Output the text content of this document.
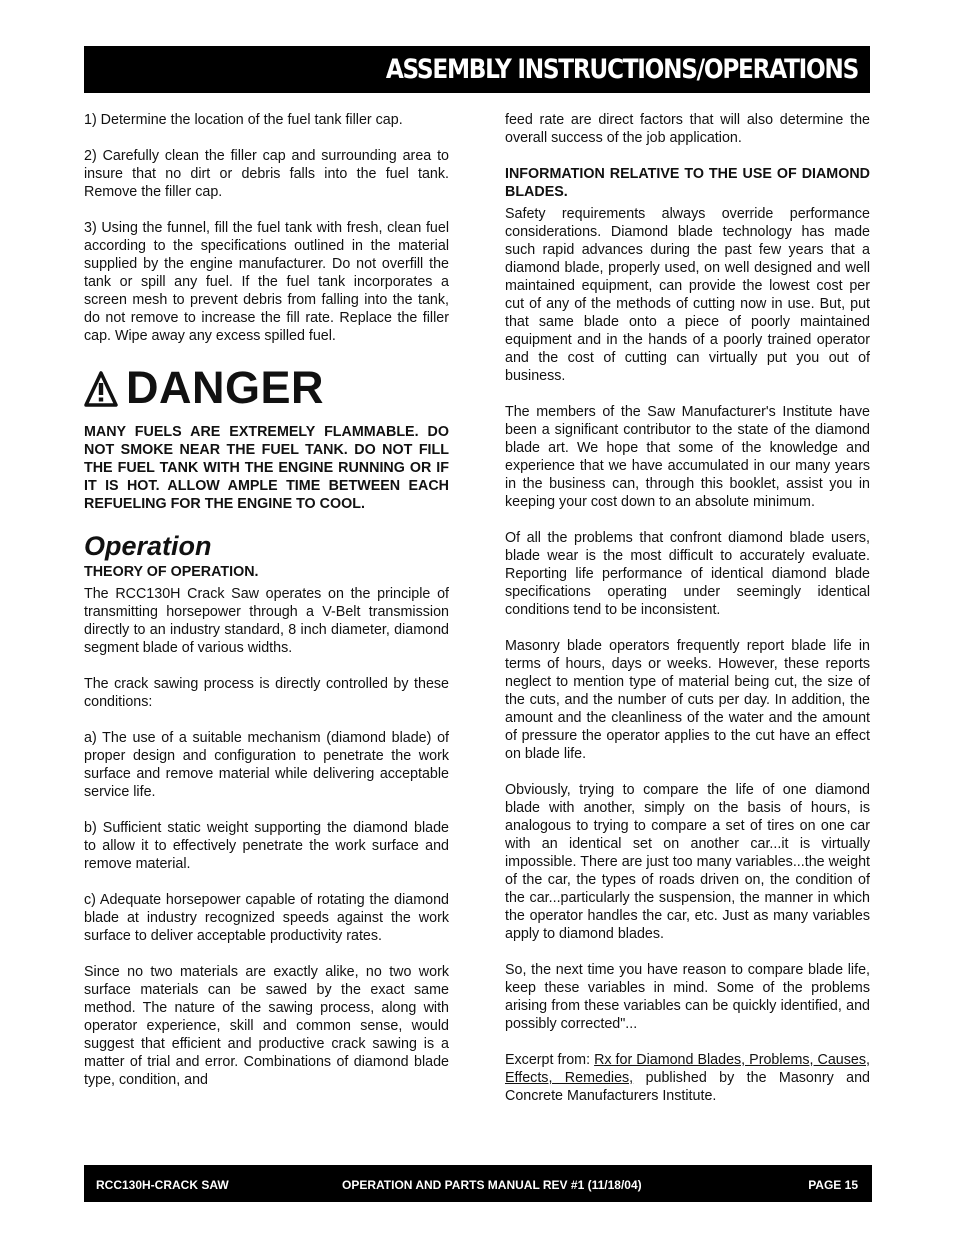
ASSEMBLY INSTRUCTIONS/OPERATIONS

1) Determine the location of the fuel tank filler cap.

2) Carefully clean the filler cap and surrounding area to insure that no dirt or debris falls into the fuel tank. Remove the filler cap.

3) Using the funnel, fill the fuel tank with fresh, clean fuel according to the specifications outlined in the material supplied by the engine manufacturer. Do not overfill the tank or spill any fuel. If the fuel tank incorporates a screen mesh to prevent debris from falling into the tank, do not remove to increase the fill rate. Replace the filler cap. Wipe away any excess spilled fuel.

DANGER

MANY FUELS ARE EXTREMELY FLAMMABLE. DO NOT SMOKE NEAR THE FUEL TANK. DO NOT FILL THE FUEL TANK WITH THE ENGINE RUNNING OR IF IT IS HOT. ALLOW AMPLE TIME BETWEEN EACH REFUELING FOR THE ENGINE TO COOL.

Operation
THEORY OF OPERATION.

The RCC130H Crack Saw operates on the principle of transmitting horsepower through a V-Belt transmission directly to an industry standard, 8 inch diameter, diamond segment blade of various widths.

The crack sawing process is directly controlled by these conditions:

a) The use of a suitable mechanism (diamond blade) of proper design and configuration to penetrate the work surface and remove material while delivering acceptable service life.

b) Sufficient static weight supporting the diamond blade to allow it to effectively penetrate the work surface and remove material.

c) Adequate horsepower capable of rotating the diamond blade at industry recognized speeds against the work surface to deliver acceptable productivity rates.

Since no two materials are exactly alike, no two work surface materials can be sawed by the exact same method. The nature of the sawing process, along with operator experience, skill and common sense, would suggest that efficient and productive crack sawing is a matter of trial and error. Combinations of diamond blade type, condition, and

feed rate are direct factors that will also determine the overall success of the job application.

INFORMATION RELATIVE TO THE USE OF DIAMOND BLADES.

Safety requirements always override performance considerations. Diamond blade technology has made such rapid advances during the past few years that a diamond blade, properly used, on well designed and well maintained equipment, can provide the lowest cost per cut of any of the methods of cutting now in use. But, put that same blade onto a piece of poorly maintained equipment and in the hands of a poorly trained operator and the cost of cutting can virtually put you out of business.

The members of the Saw Manufacturer's Institute have been a significant contributor to the state of the diamond blade art. We hope that some of the knowledge and experience that we have accumulated in our many years in the business can, through this booklet, assist you in keeping your cost down to an absolute minimum.

Of all the problems that confront diamond blade users, blade wear is the most difficult to accurately evaluate. Reporting life performance of identical diamond blade specifications operating under seemingly identical conditions tend to be inconsistent.

Masonry blade operators frequently report blade life in terms of hours, days or weeks. However, these reports neglect to mention type of material being cut, the size of the cuts, and the number of cuts per day. In addition, the amount and the cleanliness of the water and the amount of pressure the operator applies to the cut have an effect on blade life.

Obviously, trying to compare the life of one diamond blade with another, simply on the basis of hours, is analogous to trying to compare a set of tires on one car with an identical set on another car...it is virtually impossible. There are just too many variables...the weight of the car, the types of roads driven on, the condition of the car...particularly the suspension, the manner in which the operator handles the car, etc. Just as many variables apply to diamond blades.

So, the next time you have reason to compare blade life, keep these variables in mind. Some of the problems arising from these variables can be quickly identified, and possibly corrected"...

Excerpt from: Rx for Diamond Blades, Problems, Causes, Effects, Remedies, published by the Masonry and Concrete Manufacturers Institute.

RCC130H-CRACK SAW	OPERATION AND PARTS MANUAL REV #1 (11/18/04)	PAGE 15
